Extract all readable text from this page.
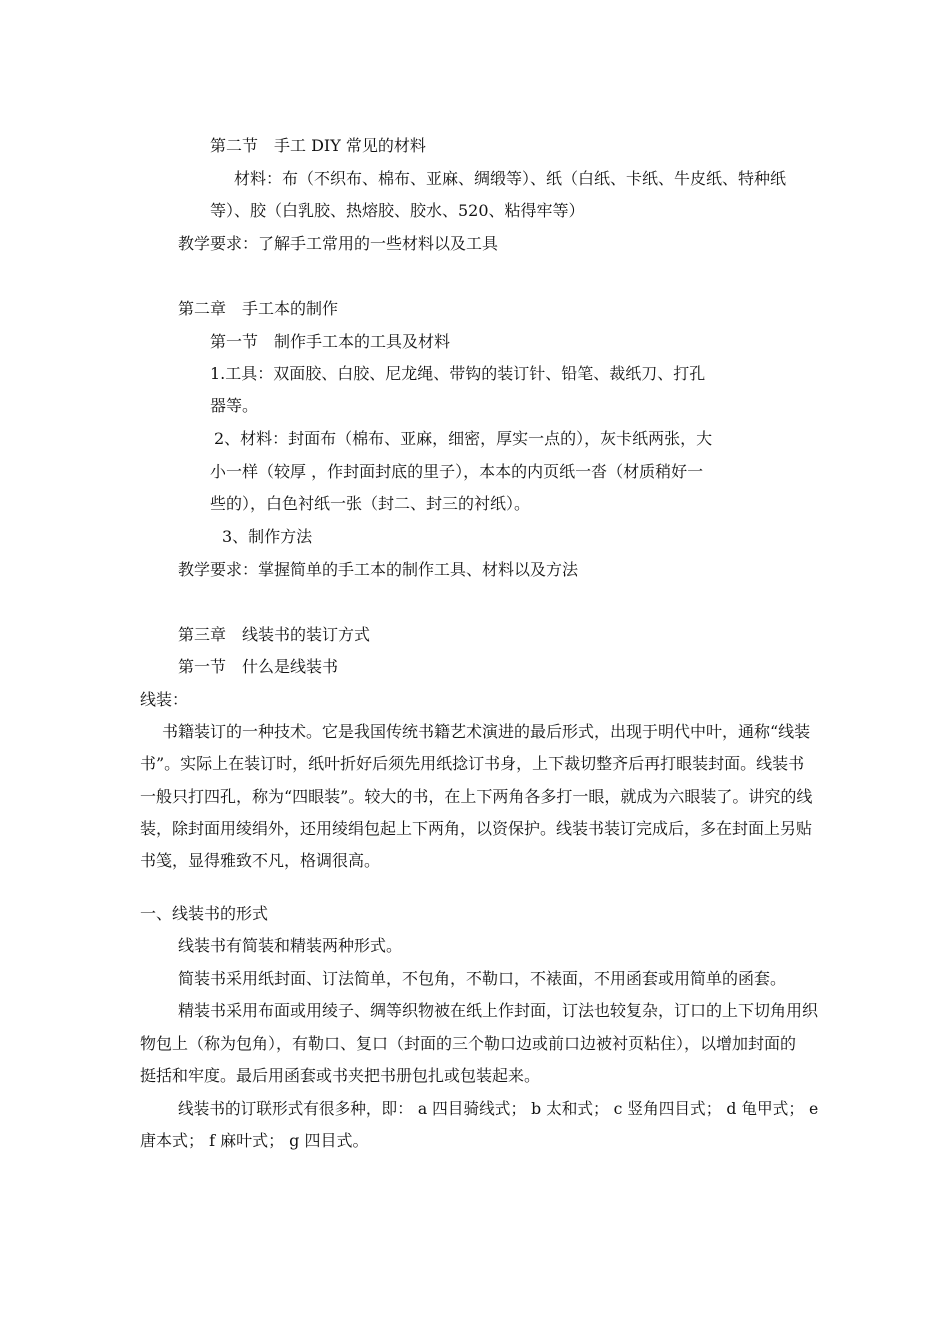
第二节　手工 DIY 常见的材料
材料：布（不织布、棉布、亚麻、绸缎等）、纸（白纸、卡纸、牛皮纸、特种纸
等）、胶（白乳胶、热熔胶、胶水、520、粘得牢等）
教学要求：了解手工常用的一些材料以及工具
第二章　手工本的制作
第一节　制作手工本的工具及材料
1.工具：双面胶、白胶、尼龙绳、带钩的装订针、铅笔、裁纸刀、打孔
器等。
2、材料：封面布（棉布、亚麻，细密，厚实一点的），灰卡纸两张，大
小一样（较厚 ，作封面封底的里子），本本的内页纸一沓（材质稍好一
些的），白色衬纸一张（封二、封三的衬纸）。
3、制作方法
教学要求：掌握简单的手工本的制作工具、材料以及方法
第三章　线装书的装订方式
第一节　什么是线装书
线装：
书籍装订的一种技术。它是我国传统书籍艺术演进的最后形式，出现于明代中叶，通称“线装
书”。实际上在装订时，纸叶折好后须先用纸捻订书身，上下裁切整齐后再打眼装封面。线装书
一般只打四孔，称为“四眼装”。较大的书，在上下两角各多打一眼，就成为六眼装了。讲究的线
装，除封面用绫绢外，还用绫绢包起上下两角，以资保护。线装书装订完成后，多在封面上另贴
书笺，显得雅致不凡，格调很高。
一、线装书的形式
线装书有简装和精装两种形式。
简装书采用纸封面、订法简单，不包角，不勒口，不裱面，不用函套或用简单的函套。
精装书采用布面或用绫子、绸等织物被在纸上作封面，订法也较复杂，订口的上下切角用织
物包上（称为包角），有勒口、复口（封面的三个勒口边或前口边被衬页粘住），以增加封面的
挺括和牢度。最后用函套或书夹把书册包扎或包装起来。
线装书的订联形式有很多种，即： a 四目骑线式； b 太和式； c 竖角四目式； d 龟甲式； e
唐本式； f 麻叶式； g 四目式。
